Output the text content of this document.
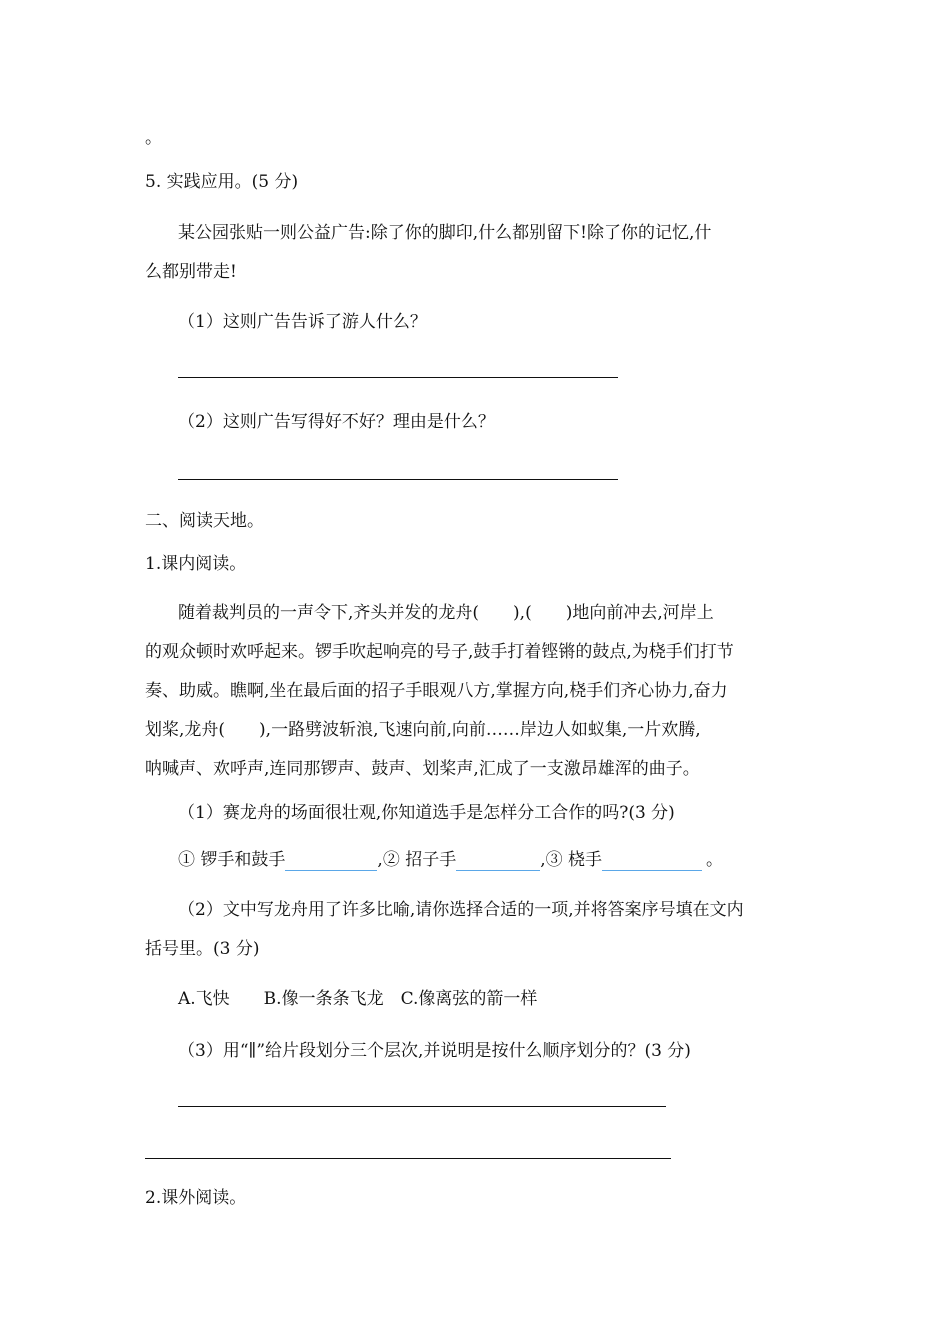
。
5. 实践应用。(5 分)
某公园张贴一则公益广告:除了你的脚印,什么都别留下!除了你的记忆,什
么都别带走!
（1）这则广告告诉了游人什么？
（2）这则广告写得好不好？理由是什么？
二、阅读天地。
1.课内阅读。
随着裁判员的一声令下,齐头并发的龙舟(　　),(　　)地向前冲去,河岸上
的观众顿时欢呼起来。锣手吹起响亮的号子,鼓手打着铿锵的鼓点,为桡手们打节
奏、助威。瞧啊,坐在最后面的招子手眼观八方,掌握方向,桡手们齐心协力,奋力
划桨,龙舟(　　),一路劈波斩浪,飞速向前,向前……岸边人如蚁集,一片欢腾,
呐喊声、欢呼声,连同那锣声、鼓声、划桨声,汇成了一支激昂雄浑的曲子。
（1）赛龙舟的场面很壮观,你知道选手是怎样分工合作的吗?(3 分)
① 锣手和鼓手	,② 招子手	,③ 桡手	。
（2）文中写龙舟用了许多比喻,请你选择合适的一项,并将答案序号填在文内
括号里。(3 分)
A.飞快　　B.像一条条飞龙　C.像离弦的箭一样
（3）用“∥”给片段划分三个层次,并说明是按什么顺序划分的？(3 分)
2.课外阅读。
